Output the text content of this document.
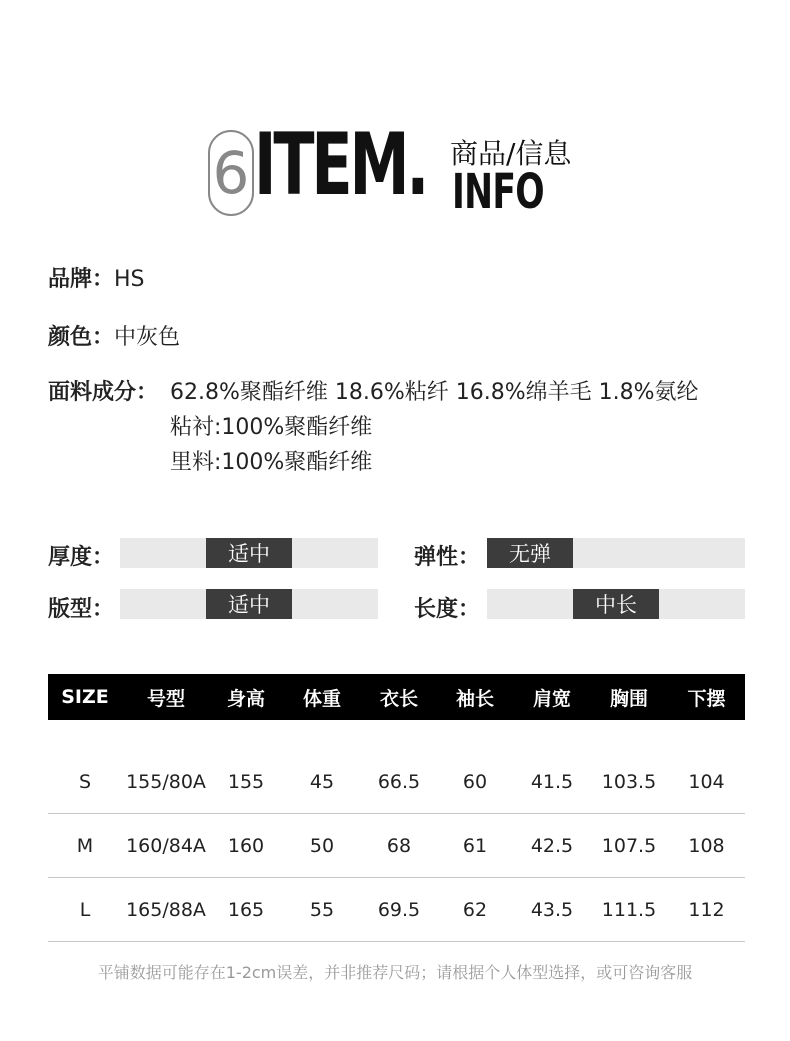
6 ITEM. 商品/信息
INFO
品牌：HS
颜色：中灰色
面料成分： 62.8%聚酯纤维 18.6%粘纤 16.8%绵羊毛 1.8%氨纶
粘衬:100%聚酯纤维
里料:100%聚酯纤维
厚度：	适中	弹性：	无弹
版型：	适中	长度：	中长
SIZE	号型	身高	体重	衣长	袖长	肩宽	胸围	下摆
S	155/80A	155	45	66.5	60	41.5	103.5	104
M	160/84A	160	50	68	61	42.5	107.5	108
L	165/88A	165	55	69.5	62	43.5	111.5	112
平铺数据可能存在1-2cm误差，并非推荐尺码；请根据个人体型选择，或可咨询客服
